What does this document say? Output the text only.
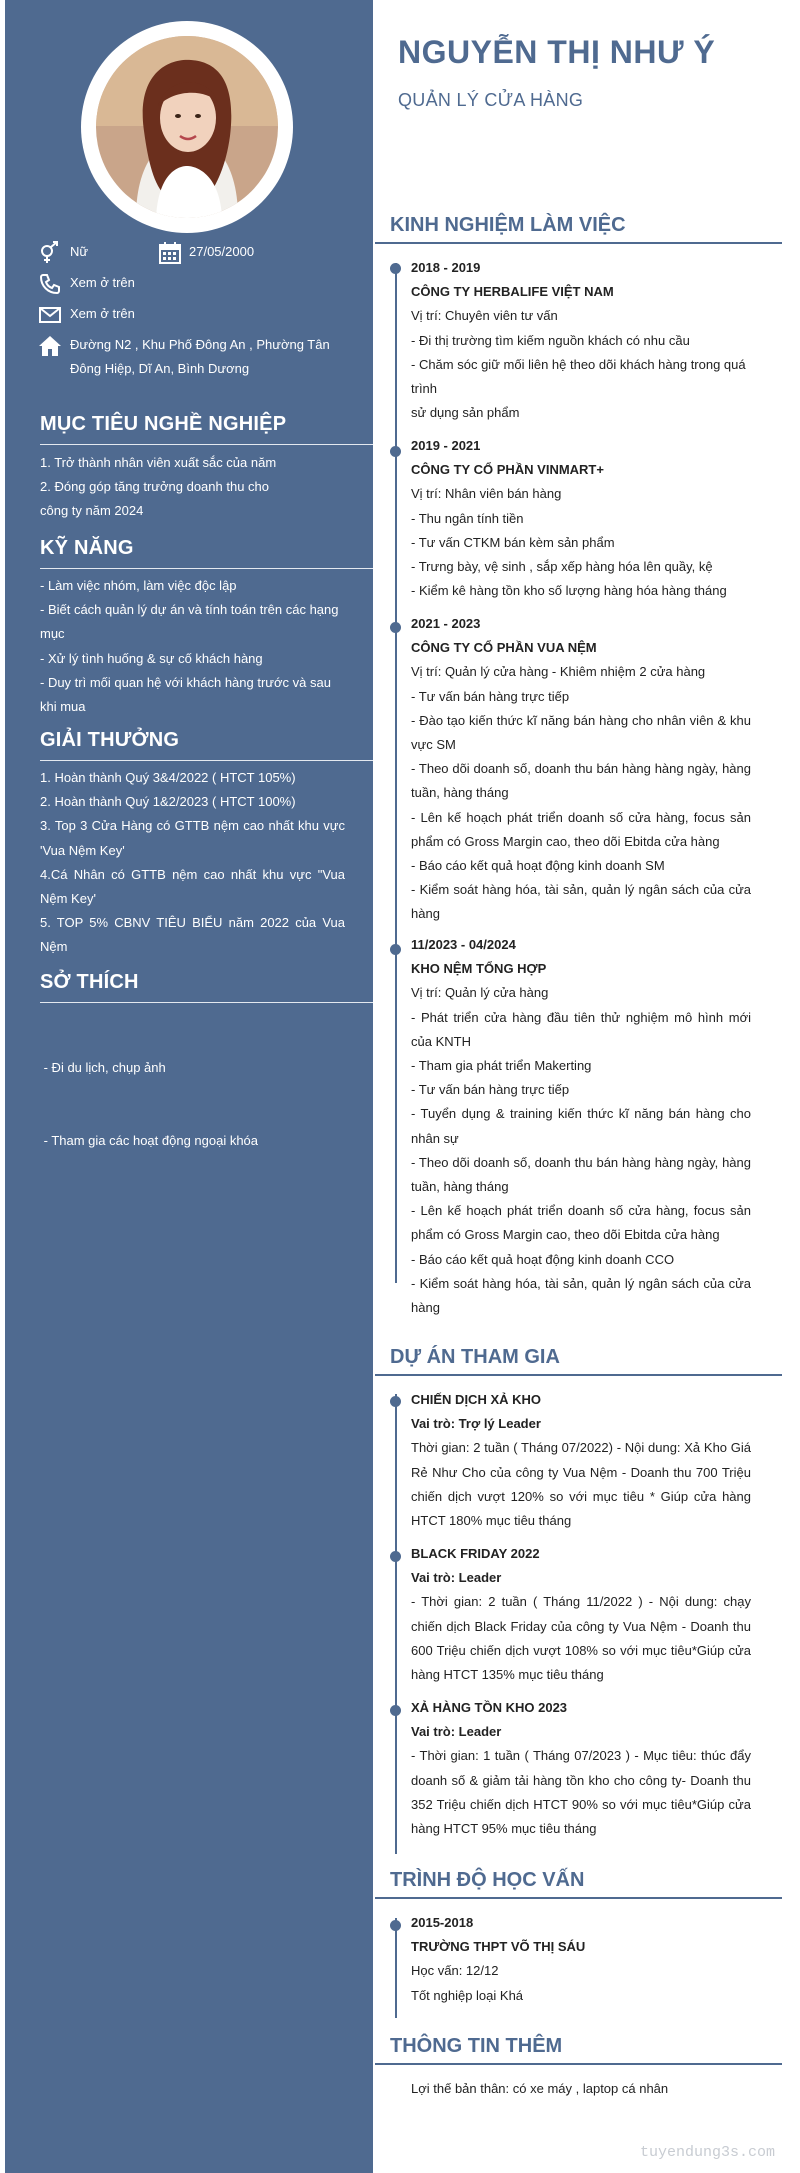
Nữ	27/05/2000
Xem ở trên
Xem ở trên
Đường N2 , Khu Phố Đông An , Phường Tân Đông Hiệp, Dĩ An, Bình Dương
MỤC TIÊU NGHỀ NGHIỆP
1. Trở thành nhân viên xuất sắc của năm
2. Đóng góp tăng trưởng doanh thu cho
công ty năm 2024
KỸ NĂNG
- Làm việc nhóm, làm việc độc lập
- Biết cách quản lý dự án và tính toán trên các hạng mục
- Xử lý tình huống & sự cố khách hàng
- Duy trì mối quan hệ với khách hàng trước và sau khi mua
GIẢI THƯỞNG
1. Hoàn thành Quý 3&4/2022 ( HTCT 105%)
2. Hoàn thành Quý 1&2/2023 ( HTCT 100%)
3. Top 3 Cửa Hàng có GTTB nệm cao nhất khu vực 'Vua Nệm Key'
4.Cá Nhân có GTTB nệm cao nhất khu vực "Vua Nệm Key'
5. TOP 5% CBNV TIÊU BIỂU năm 2022 của Vua Nệm
SỞ THÍCH

- Đi du lịch, chụp ảnh

- Tham gia các hoạt động ngoại khóa

NGUYỄN THỊ NHƯ Ý
QUẢN LÝ CỬA HÀNG
KINH NGHIỆM LÀM VIỆC
2018 - 2019
CÔNG TY HERBALIFE VIỆT NAM
Vị trí: Chuyên viên tư vấn
- Đi thị trường tìm kiếm nguồn khách có nhu cầu
- Chăm sóc giữ mối liên hệ theo dõi khách hàng trong quá trình
sử dụng sản phẩm
2019 - 2021
CÔNG TY CỔ PHẦN VINMART+
Vị trí: Nhân viên bán hàng
- Thu ngân tính tiền
- Tư vấn CTKM bán kèm sản phẩm
- Trưng bày, vệ sinh , sắp xếp hàng hóa lên quầy, kệ
- Kiểm kê hàng tồn kho số lượng hàng hóa hàng tháng
2021 - 2023
CÔNG TY CỔ PHẦN VUA NỆM
Vị trí: Quản lý cửa hàng - Khiêm nhiệm 2 cửa hàng
- Tư vấn bán hàng trực tiếp
- Đào tạo kiến thức kĩ năng bán hàng cho nhân viên & khu vực SM
- Theo dõi doanh số, doanh thu bán hàng hàng ngày, hàng tuần, hàng tháng
- Lên kế hoạch phát triển doanh số cửa hàng, focus sản phẩm có Gross Margin cao, theo dõi Ebitda cửa hàng
- Báo cáo kết quả hoạt động kinh doanh SM
- Kiểm soát hàng hóa, tài sản, quản lý ngân sách của cửa hàng
11/2023 - 04/2024
KHO NỆM TỔNG HỢP
Vị trí: Quản lý cửa hàng
- Phát triển cửa hàng đầu tiên thử nghiệm mô hình mới của KNTH
- Tham gia phát triển Makerting
- Tư vấn bán hàng trực tiếp
- Tuyển dụng & training kiến thức kĩ năng bán hàng cho nhân sự
- Theo dõi doanh số, doanh thu bán hàng hàng ngày, hàng tuần, hàng tháng
- Lên kế hoạch phát triển doanh số cửa hàng, focus sản phẩm có Gross Margin cao, theo dõi Ebitda cửa hàng
- Báo cáo kết quả hoạt động kinh doanh CCO
- Kiểm soát hàng hóa, tài sản, quản lý ngân sách của cửa hàng
DỰ ÁN THAM GIA
CHIẾN DỊCH XẢ KHO
Vai trò: Trợ lý Leader
Thời gian: 2 tuần ( Tháng 07/2022) - Nội dung: Xả Kho Giá Rẻ Như Cho của công ty Vua Nệm - Doanh thu 700 Triệu chiến dịch vượt 120% so với mục tiêu * Giúp cửa hàng HTCT 180% mục tiêu tháng
BLACK FRIDAY 2022
Vai trò: Leader
- Thời gian: 2 tuần ( Tháng 11/2022 ) - Nội dung: chạy chiến dịch Black Friday của công ty Vua Nệm - Doanh thu 600 Triệu chiến dịch vượt 108% so với mục tiêu*Giúp cửa hàng HTCT 135% mục tiêu tháng
XẢ HÀNG TỒN KHO 2023
Vai trò: Leader
- Thời gian: 1 tuần ( Tháng 07/2023 ) - Mục tiêu: thúc đẩy doanh số & giảm tải hàng tồn kho cho công ty- Doanh thu 352 Triệu chiến dịch HTCT 90% so với mục tiêu*Giúp cửa hàng HTCT 95% mục tiêu tháng
TRÌNH ĐỘ HỌC VẤN
2015-2018
TRƯỜNG THPT VÕ THỊ SÁU
Học vấn: 12/12
Tốt nghiệp loại Khá
THÔNG TIN THÊM
Lợi thế bản thân: có xe máy , laptop cá nhân
tuyendung3s.com
